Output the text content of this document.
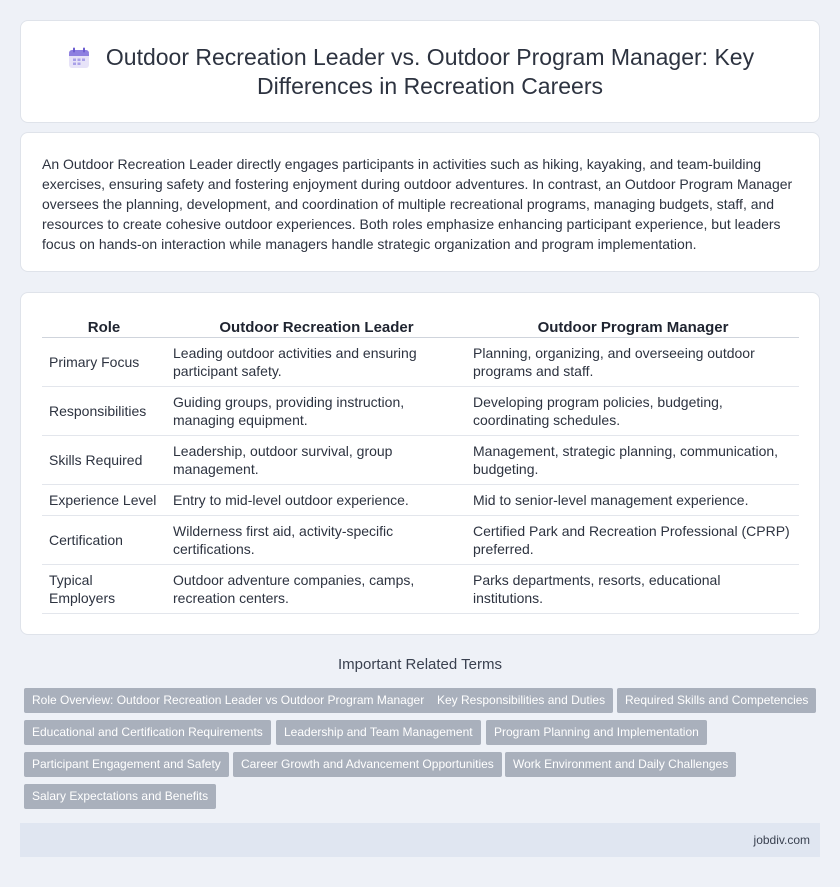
Outdoor Recreation Leader vs. Outdoor Program Manager: Key Differences in Recreation Careers

An Outdoor Recreation Leader directly engages participants in activities such as hiking, kayaking, and team-building exercises, ensuring safety and fostering enjoyment during outdoor adventures. In contrast, an Outdoor Program Manager oversees the planning, development, and coordination of multiple recreational programs, managing budgets, staff, and resources to create cohesive outdoor experiences. Both roles emphasize enhancing participant experience, but leaders focus on hands-on interaction while managers handle strategic organization and program implementation.

Role	Outdoor Recreation Leader	Outdoor Program Manager
Primary Focus	Leading outdoor activities and ensuring participant safety.	Planning, organizing, and overseeing outdoor programs and staff.
Responsibilities	Guiding groups, providing instruction, managing equipment.	Developing program policies, budgeting, coordinating schedules.
Skills Required	Leadership, outdoor survival, group management.	Management, strategic planning, communication, budgeting.
Experience Level	Entry to mid-level outdoor experience.	Mid to senior-level management experience.
Certification	Wilderness first aid, activity-specific certifications.	Certified Park and Recreation Professional (CPRP) preferred.
Typical Employers	Outdoor adventure companies, camps, recreation centers.	Parks departments, resorts, educational institutions.
Important Related Terms
Role Overview: Outdoor Recreation Leader vs Outdoor Program Manager	Key Responsibilities and Duties	Required Skills and Competencies
Educational and Certification Requirements	Leadership and Team Management	Program Planning and Implementation
Participant Engagement and Safety	Career Growth and Advancement Opportunities	Work Environment and Daily Challenges
Salary Expectations and Benefits
jobdiv.com
